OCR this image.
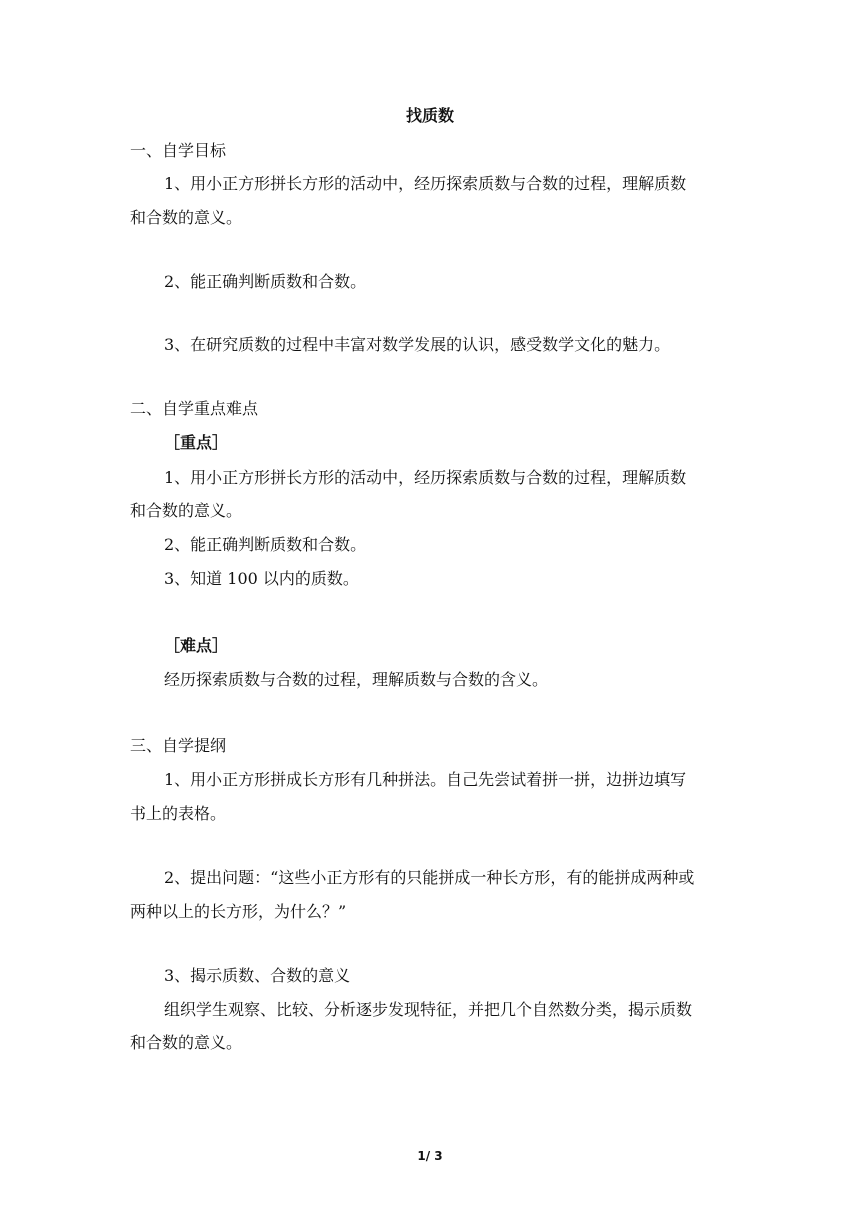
找质数
一、自学目标
1、用小正方形拼长方形的活动中，经历探索质数与合数的过程，理解质数
和合数的意义。
2、能正确判断质数和合数。
3、在研究质数的过程中丰富对数学发展的认识，感受数学文化的魅力。
二、自学重点难点
［重点］
1、用小正方形拼长方形的活动中，经历探索质数与合数的过程，理解质数
和合数的意义。
2、能正确判断质数和合数。
3、知道 100 以内的质数。
［难点］
经历探索质数与合数的过程，理解质数与合数的含义。
三、自学提纲
1、用小正方形拼成长方形有几种拼法。自己先尝试着拼一拼，边拼边填写
书上的表格。
2、提出问题：“这些小正方形有的只能拼成一种长方形，有的能拼成两种或
两种以上的长方形，为什么？”
3、揭示质数、合数的意义
组织学生观察、比较、分析逐步发现特征，并把几个自然数分类，揭示质数
和合数的意义。
1/ 3
